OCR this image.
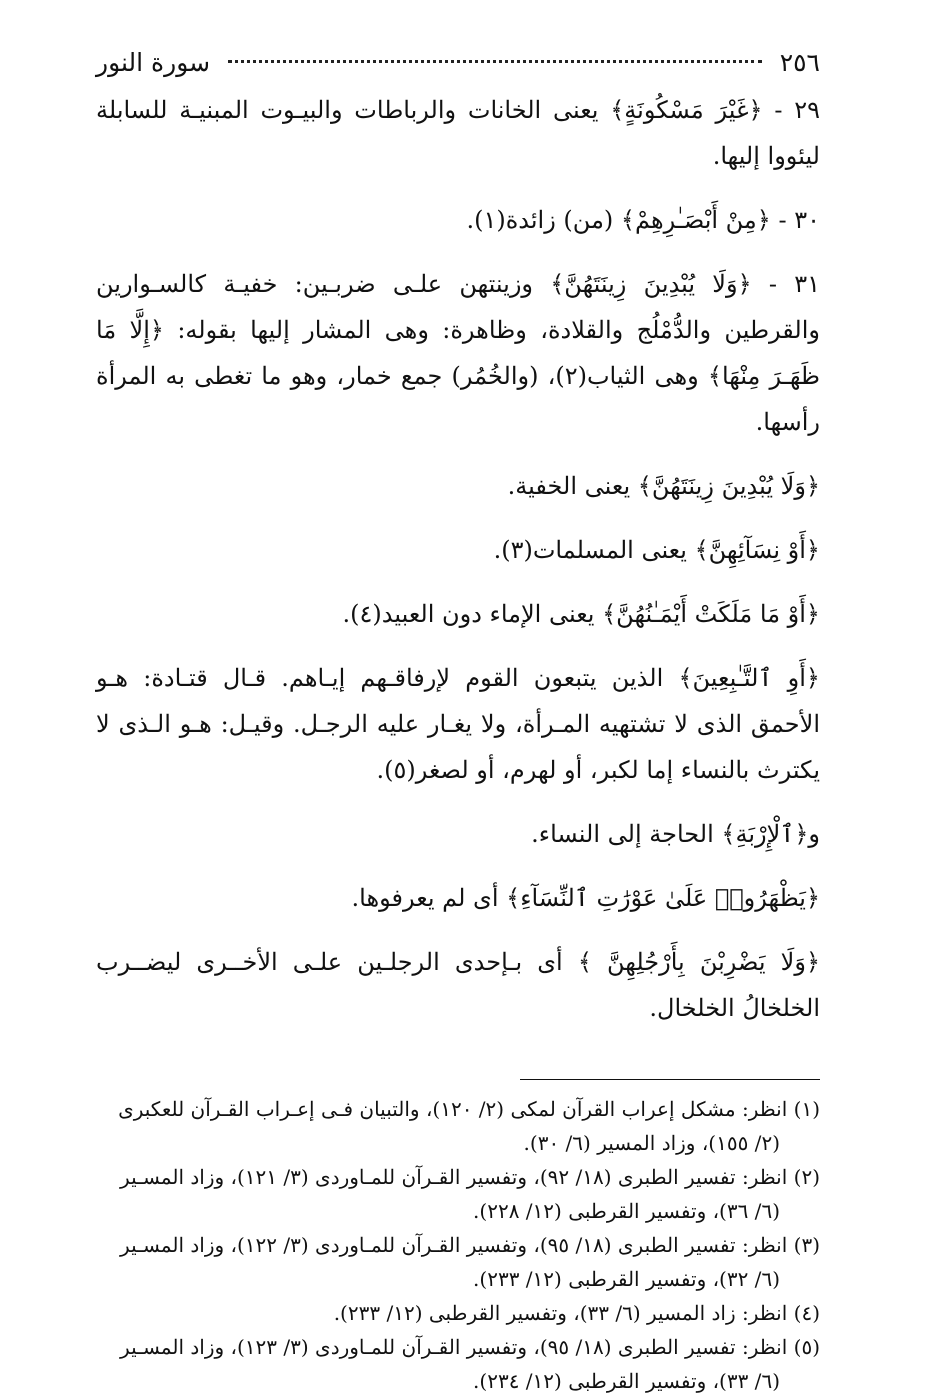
٢٥٦
سورة النور

٢٩ - ﴿غَيْرَ مَسْكُونَةٍ﴾ يعنى الخانات والرباطات والبيـوت المبنيـة للسابلة ليئووا إليها.

٣٠ - ﴿مِنْ أَبْصَـٰرِهِمْ﴾ (من) زائدة(١).

٣١ - ﴿وَلَا يُبْدِينَ زِينَتَهُنَّ﴾ وزينتهن علـى ضربـين: خفيـة كالسـوارين والقرطين والدُّمْلُج والقلادة، وظاهرة: وهى المشار إليها بقوله: ﴿إِلَّا مَا ظَهَـرَ مِنْهَا﴾ وهى الثياب(٢)، (والخُمُر) جمع خمار، وهو ما تغطى به المرأة رأسها.

﴿وَلَا يُبْدِينَ زِينَتَهُنَّ﴾ يعنى الخفية.

﴿أَوْ نِسَآئِهِنَّ﴾ يعنى المسلمات(٣).

﴿أَوْ مَا مَلَكَتْ أَيْمَـٰنُهُنَّ﴾ يعنى الإماء دون العبيد(٤).

﴿أَوِ ٱلتَّـٰبِعِينَ﴾ الذين يتبعون القوم لإرفاقـهم إيـاهم. قـال قتـادة: هـو الأحمق الذى لا تشتهيه المـرأة، ولا يغـار عليه الرجـل. وقيـل: هـو الـذى لا يكترث بالنساء إما لكبر، أو لهرم، أو لصغر(٥).

و﴿ٱلْإِرْبَةِ﴾ الحاجة إلى النساء.

﴿يَظْهَرُوا۟ عَلَىٰ عَوْرَٰتِ ٱلنِّسَآءِ﴾ أى لم يعرفوها.

﴿وَلَا يَضْرِبْنَ بِأَرْجُلِهِنَّ ﴾ أى بـإحدى الرجلـين علـى الأخــرى ليضــرب الخلخالُ الخلخال.

(١) انظر: مشكل إعراب القرآن لمكى (٢/ ١٢٠)، والتبيان فـى إعـراب القـرآن للعكبرى
(٢/ ١٥٥)، وزاد المسير (٦/ ٣٠).

(٢) انظر: تفسير الطبرى (١٨/ ٩٢)، وتفسير القـرآن للمـاوردى (٣/ ١٢١)، وزاد المسـير
(٦/ ٣٦)، وتفسير القرطبى (١٢/ ٢٢٨).

(٣) انظر: تفسير الطبرى (١٨/ ٩٥)، وتفسير القـرآن للمـاوردى (٣/ ١٢٢)، وزاد المسـير
(٦/ ٣٢)، وتفسير القرطبى (١٢/ ٢٣٣).

(٤) انظر: زاد المسير (٦/ ٣٣)، وتفسير القرطبى (١٢/ ٢٣٣).

(٥) انظر: تفسير الطبرى (١٨/ ٩٥)، وتفسير القـرآن للمـاوردى (٣/ ١٢٣)، وزاد المسـير
(٦/ ٣٣)، وتفسير القرطبى (١٢/ ٢٣٤).
